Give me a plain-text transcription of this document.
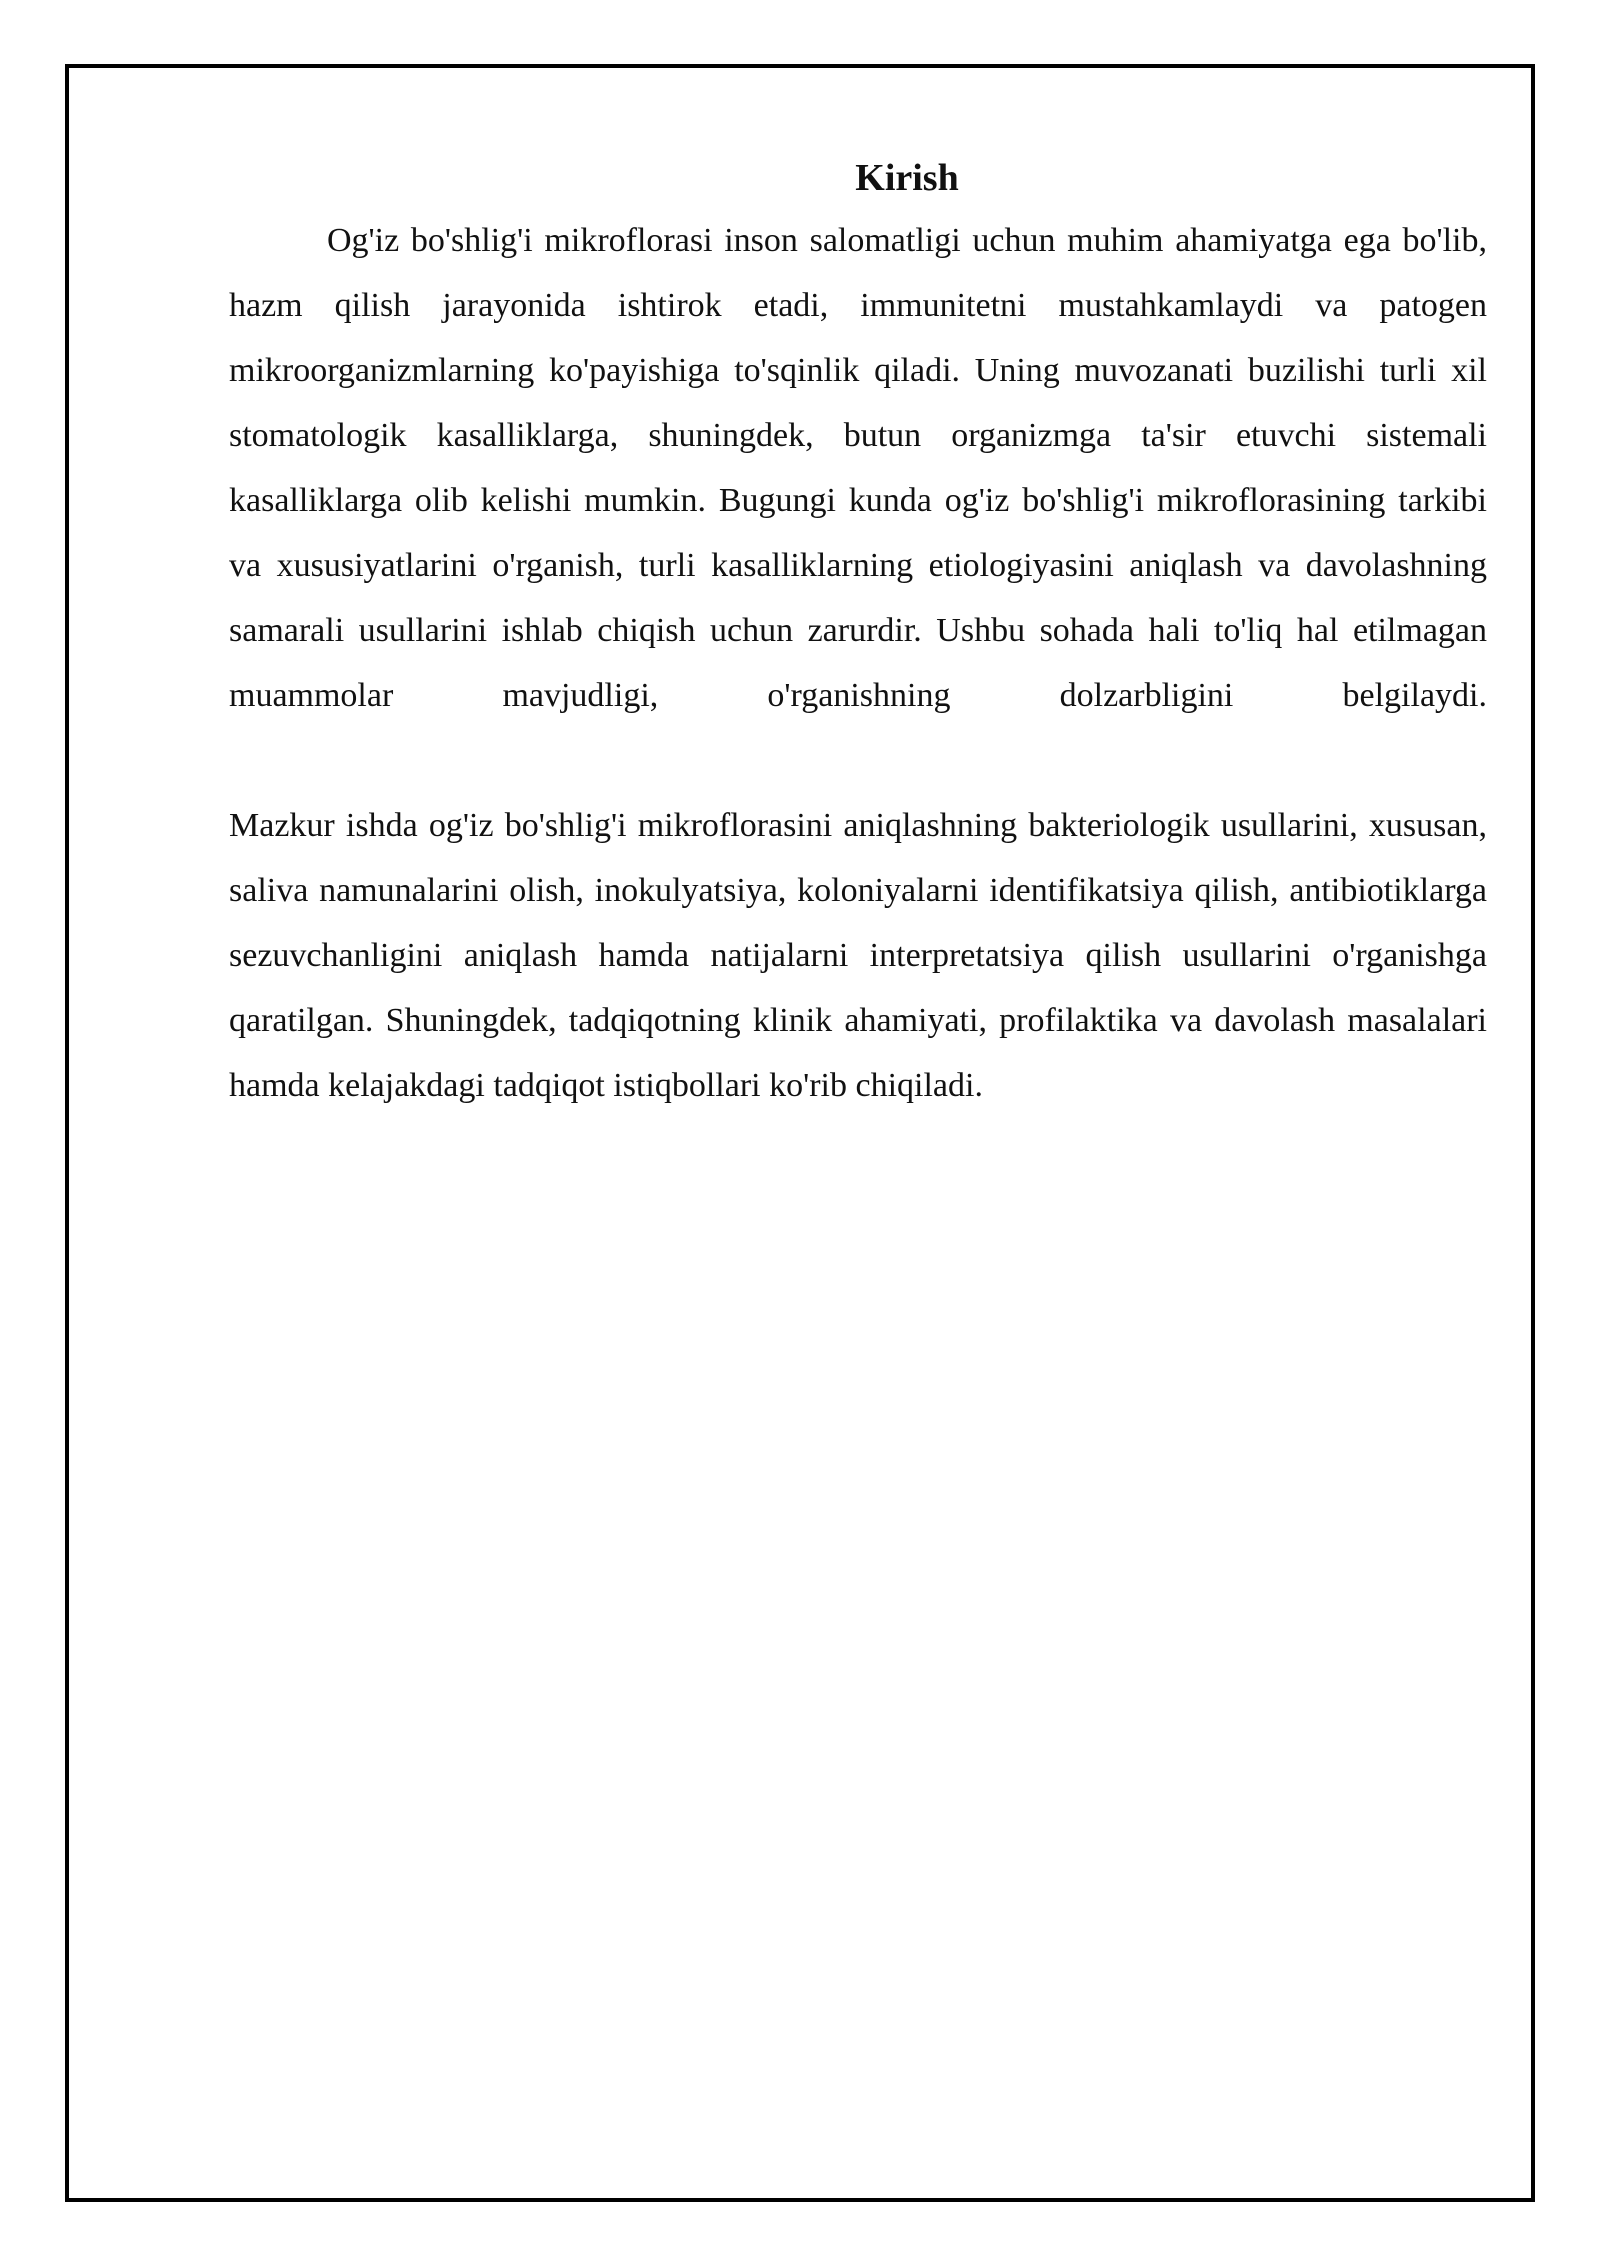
Kirish

Og'iz bo'shlig'i mikroflorasi inson salomatligi uchun muhim ahamiyatga ega bo'lib, hazm qilish jarayonida ishtirok etadi, immunitetni mustahkamlaydi va patogen mikroorganizmlarning ko'payishiga to'sqinlik qiladi. Uning muvozanati buzilishi turli xil stomatologik kasalliklarga, shuningdek, butun organizmga ta'sir etuvchi sistemali kasalliklarga olib kelishi mumkin. Bugungi kunda og'iz bo'shlig'i mikroflorasining tarkibi va xususiyatlarini o'rganish, turli kasalliklarning etiologiyasini aniqlash va davolashning samarali usullarini ishlab chiqish uchun zarurdir. Ushbu sohada hali to'liq hal etilmagan muammolar mavjudligi, o'rganishning dolzarbligini belgilaydi.

Mazkur ishda og'iz bo'shlig'i mikroflorasini aniqlashning bakteriologik usullarini, xususan, saliva namunalarini olish, inokulyatsiya, koloniyalarni identifikatsiya qilish, antibiotiklarga sezuvchanligini aniqlash hamda natijalarni interpretatsiya qilish usullarini o'rganishga qaratilgan. Shuningdek, tadqiqotning klinik ahamiyati, profilaktika va davolash masalalari hamda kelajakdagi tadqiqot istiqbollari ko'rib chiqiladi.
